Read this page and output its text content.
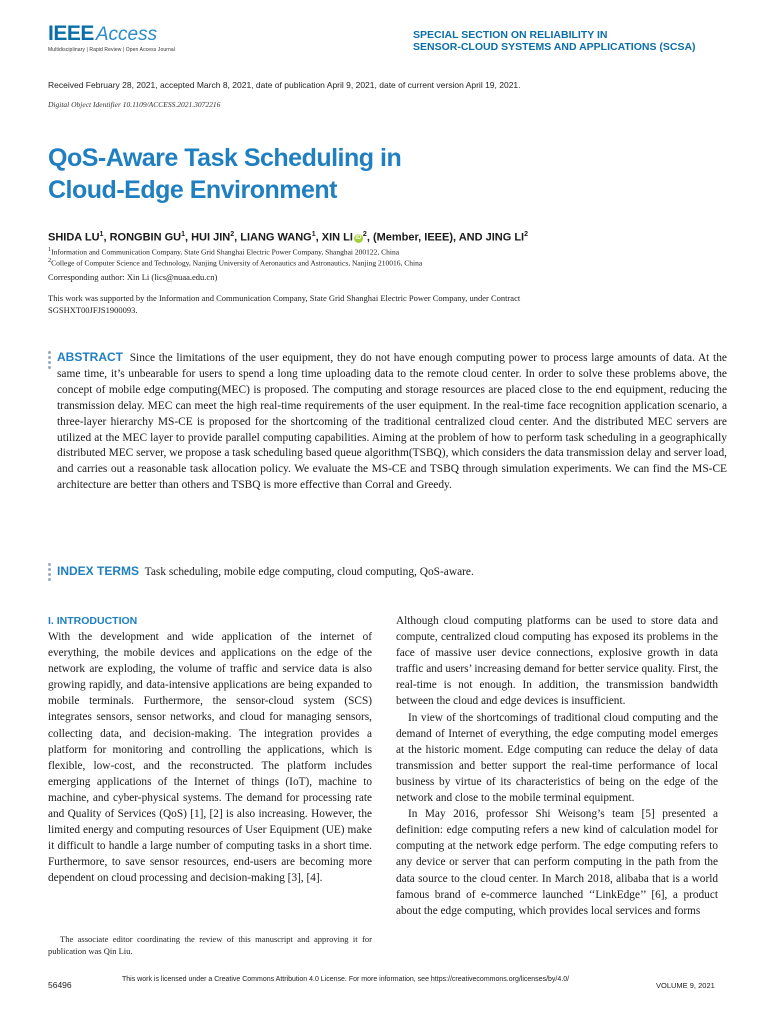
IEEE Access
Multidisciplinary | Rapid Review | Open Access Journal
SPECIAL SECTION ON RELIABILITY IN
SENSOR-CLOUD SYSTEMS AND APPLICATIONS (SCSA)
Received February 28, 2021, accepted March 8, 2021, date of publication April 9, 2021, date of current version April 19, 2021.
Digital Object Identifier 10.1109/ACCESS.2021.3072216
QoS-Aware Task Scheduling in
Cloud-Edge Environment
SHIDA $LU^1$, RONGBIN $GU^1$, HUI JIN$^2$, LIANG WANG$^1$, XIN LI iD $^2$, (Member, IEEE), AND JING $LI^2$
$^1$Information and Communication Company, State Grid Shanghai Electric Power Company, Shanghai 200122, China
$^2$College of Computer Science and Technology, Nanjing University of Aeronautics and Astronautics, Nanjing 210016, China
Corresponding author: Xin Li (lics@nuaa.edu.cn)
This work was supported by the Information and Communication Company, State Grid Shanghai Electric Power Company, under Contract SGSHXT00JFJS1900093.
ABSTRACT Since the limitations of the user equipment, they do not have enough computing power to process large amounts of data. At the same time, it’s unbearable for users to spend a long time uploading data to the remote cloud center. In order to solve these problems above, the concept of mobile edge computing(MEC) is proposed. The computing and storage resources are placed close to the end equipment, reducing the transmission delay. MEC can meet the high real-time requirements of the user equipment. In the real-time face recognition application scenario, a three-layer hierarchy MS-CE is proposed for the shortcoming of the traditional centralized cloud center. And the distributed MEC servers are utilized at the MEC layer to provide parallel computing capabilities. Aiming at the problem of how to perform task scheduling in a geographically distributed MEC server, we propose a task scheduling based queue algorithm(TSBQ), which considers the data transmission delay and server load, and carries out a reasonable task allocation policy. We evaluate the MS-CE and TSBQ through simulation experiments. We can find the MS-CE architecture are better than others and TSBQ is more effective than Corral and Greedy.
INDEX TERMS Task scheduling, mobile edge computing, cloud computing, QoS-aware.
I. INTRODUCTION

With the development and wide application of the internet of everything, the mobile devices and applications on the edge of the network are exploding, the volume of traffic and service data is also growing rapidly, and data-intensive applications are being expanded to mobile terminals. Furthermore, the sensor-cloud system (SCS) integrates sensors, sensor networks, and cloud for managing sensors, collecting data, and decision-making. The integration provides a platform for monitoring and controlling the applications, which is flexible, low-cost, and the reconstructed. The platform includes emerging applications of the Internet of things (IoT), machine to machine, and cyber-physical systems. The demand for processing rate and Quality of Services (QoS) [1], [2] is also increasing. However, the limited energy and computing resources of User Equipment (UE) make it difficult to handle a large number of computing tasks in a short time. Furthermore, to save sensor resources, end-users are becoming more dependent on cloud processing and decision-making [3], [4].

Although cloud computing platforms can be used to store data and compute, centralized cloud computing has exposed its problems in the face of massive user device connections, explosive growth in data traffic and users’ increasing demand for better service quality. First, the real-time is not enough. In addition, the transmission bandwidth between the cloud and edge devices is insufficient.

In view of the shortcomings of traditional cloud computing and the demand of Internet of everything, the edge computing model emerges at the historic moment. Edge computing can reduce the delay of data transmission and better support the real-time performance of local business by virtue of its characteristics of being on the edge of the network and close to the mobile terminal equipment.

In May 2016, professor Shi Weisong’s team [5] presented a definition: edge computing refers a new kind of calculation model for computing at the network edge perform. The edge computing refers to any device or server that can perform computing in the path from the data source to the cloud center. In March 2018, alibaba that is a world famous brand of e-commerce launched ‘‘LinkEdge’’ [6], a product about the edge computing, which provides local services and forms

The associate editor coordinating the review of this manuscript and approving it for publication was Qin Liu.
56496
This work is licensed under a Creative Commons Attribution 4.0 License. For more information, see https://creativecommons.org/licenses/by/4.0/
VOLUME 9, 2021
